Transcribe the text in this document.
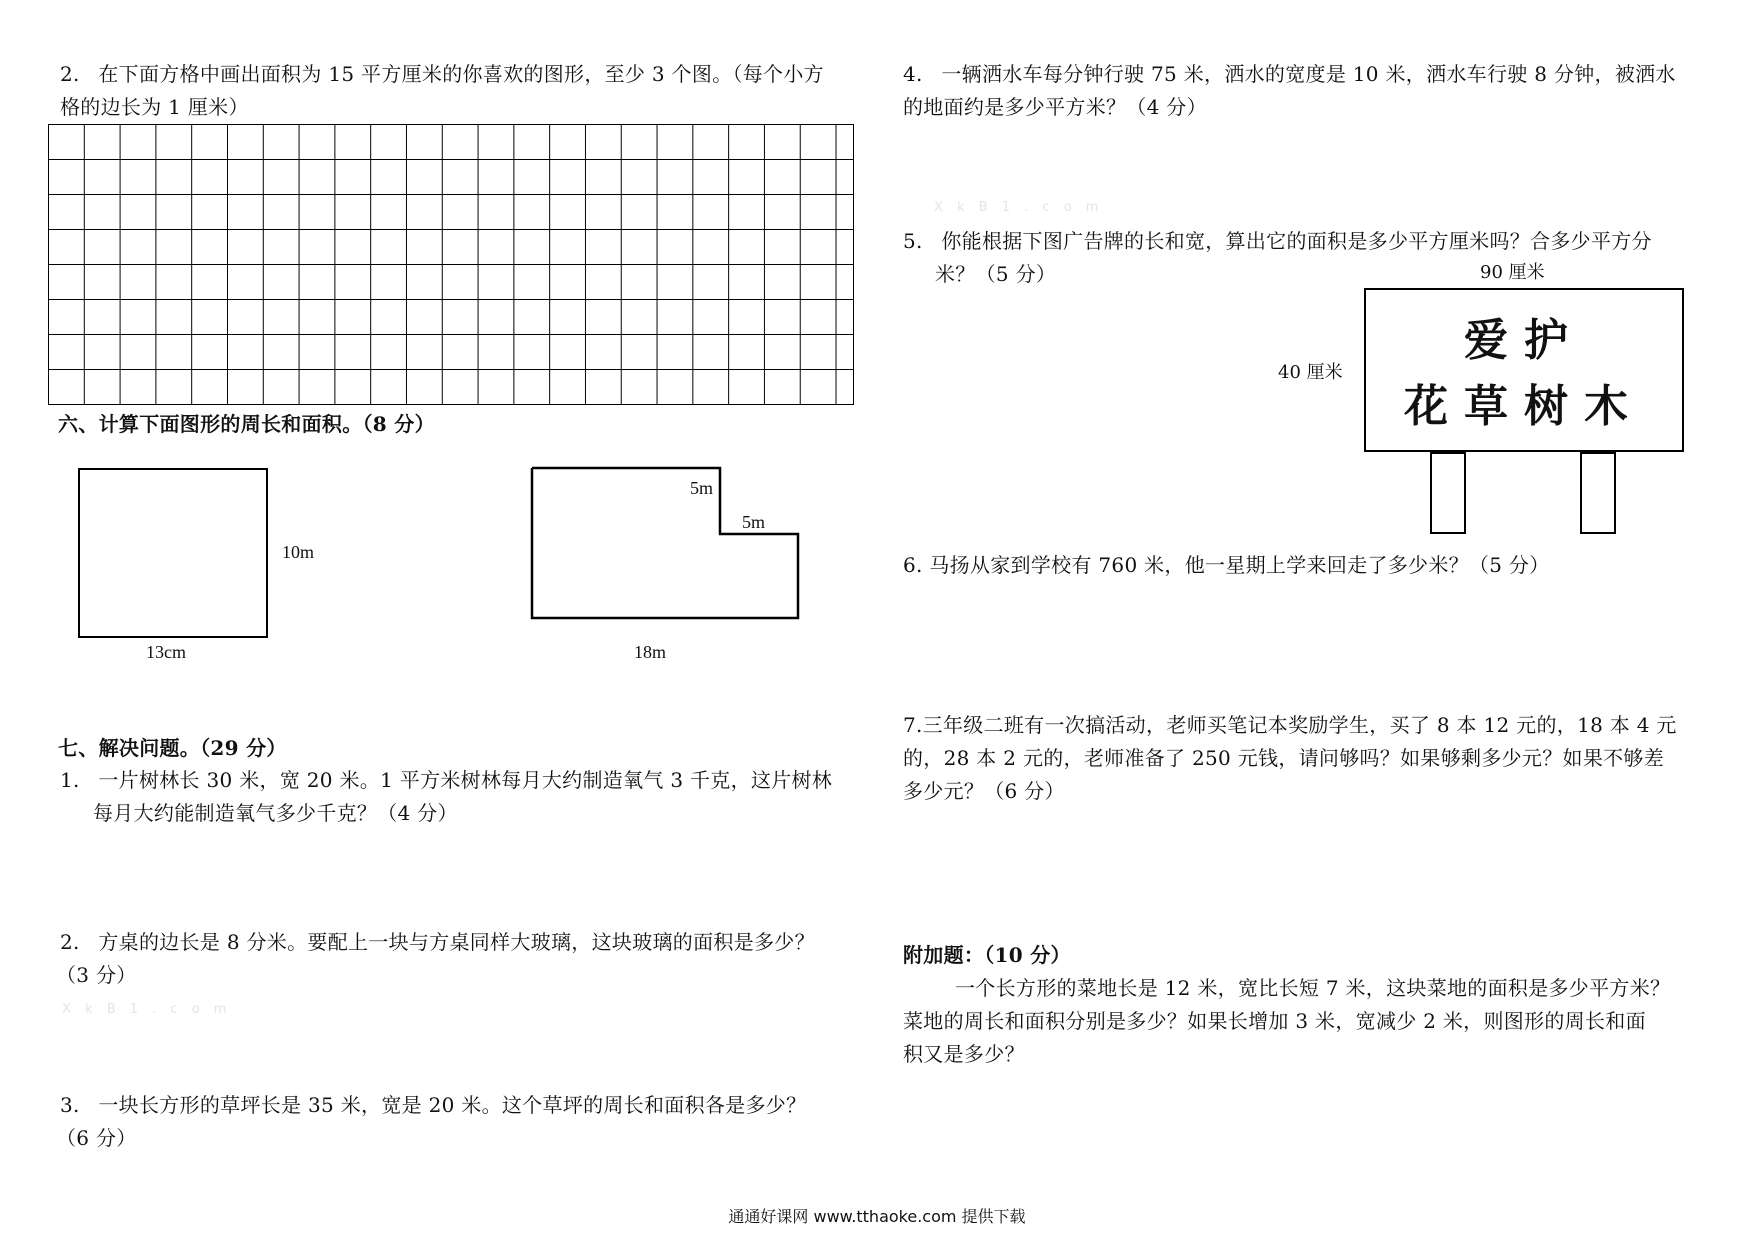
2. 在下面方格中画出面积为 15 平方厘米的你喜欢的图形，至少 3 个图。（每个小方
格的边长为 1 厘米）
六、计算下面图形的周长和面积。（8 分）
10m
13cm
5m
5m
18m
七、解决问题。（29 分）
1. 一片树林长 30 米，宽 20 米。1 平方米树林每月大约制造氧气 3 千克，这片树林
每月大约能制造氧气多少千克？（4 分）
2. 方桌的边长是 8 分米。要配上一块与方桌同样大玻璃，这块玻璃的面积是多少？
（3 分）
X k B 1 . c o m
3. 一块长方形的草坪长是 35 米，宽是 20 米。这个草坪的周长和面积各是多少？
（6 分）
4. 一辆洒水车每分钟行驶 75 米，洒水的宽度是 10 米，洒水车行驶 8 分钟，被洒水
的地面约是多少平方米？（4 分）
X k B 1 . c o m
5. 你能根据下图广告牌的长和宽，算出它的面积是多少平方厘米吗？合多少平方分
米？（5 分）	90 厘米
40 厘米
爱护
花草树木
6. 马扬从家到学校有 760 米，他一星期上学来回走了多少米？（5 分）
7.三年级二班有一次搞活动，老师买笔记本奖励学生，买了 8 本 12 元的，18 本 4 元
的，28 本 2 元的，老师准备了 250 元钱，请问够吗？如果够剩多少元？如果不够差
多少元？（6 分）
附加题：（10 分）
一个长方形的菜地长是 12 米，宽比长短 7 米，这块菜地的面积是多少平方米？
菜地的周长和面积分别是多少？如果长增加 3 米，宽减少 2 米，则图形的周长和面
积又是多少？
通通好课网 www.tthaoke.com 提供下载
